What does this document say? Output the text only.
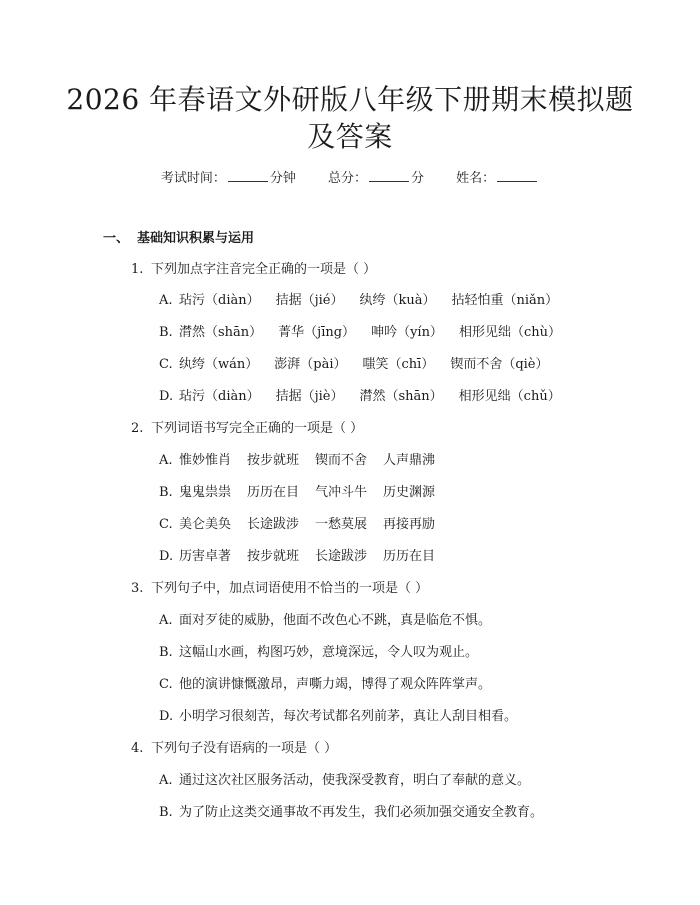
2026 年春语文外研版八年级下册期末模拟题
及答案
考试时间：	分钟 总分：	分 姓名：
一、 基础知识积累与运用
1. 下列加点字注音完全正确的一项是（ ）
A. 玷污（diàn） 拮据（jié） 纨绔（kuà） 拈轻怕重（niǎn）
B. 潸然（shān） 菁华（jīng） 呻吟（yín） 相形见绌（chù）
C. 纨绔（wán） 澎湃（pài） 嗤笑（chī） 锲而不舍（qiè）
D. 玷污（diàn） 拮据（jiè） 潸然（shān） 相形见绌（chǔ）
2. 下列词语书写完全正确的一项是（ ）
A. 惟妙惟肖 按步就班 锲而不舍 人声鼎沸
B. 鬼鬼祟祟 历历在目 气冲斗牛 历史渊源
C. 美仑美奂 长途跋涉 一愁莫展 再接再励
D. 历害卓著 按步就班 长途跋涉 历历在目
3. 下列句子中，加点词语使用不恰当的一项是（ ）
A. 面对歹徒的威胁，他面不改色心不跳，真是临危不惧。
B. 这幅山水画，构图巧妙，意境深远，令人叹为观止。
C. 他的演讲慷慨激昂，声嘶力竭，博得了观众阵阵掌声。
D. 小明学习很刻苦，每次考试都名列前茅，真让人刮目相看。
4. 下列句子没有语病的一项是（ ）
A. 通过这次社区服务活动，使我深受教育，明白了奉献的意义。
B. 为了防止这类交通事故不再发生，我们必须加强交通安全教育。
